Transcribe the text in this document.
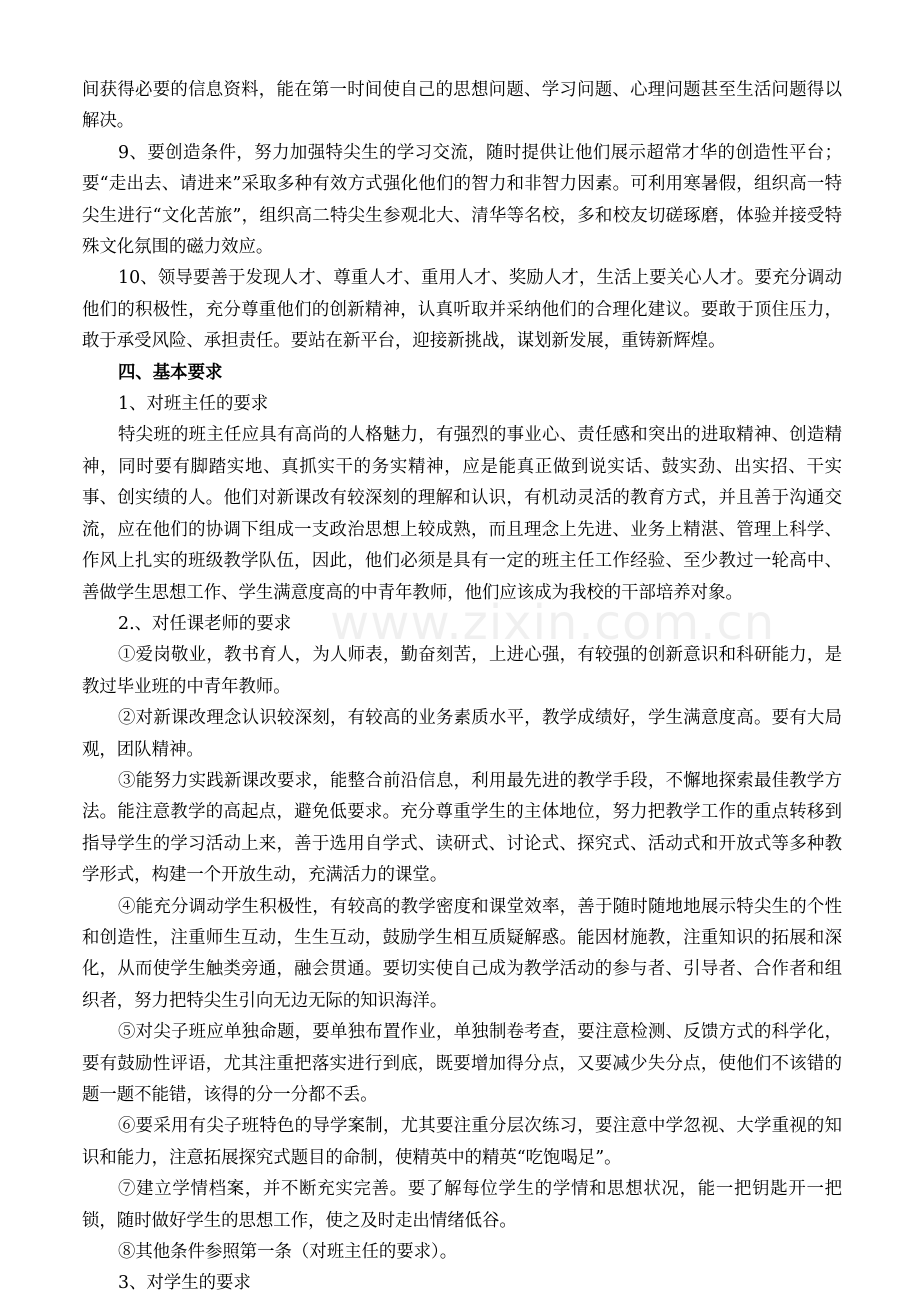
www.zixin.com.cn

间获得必要的信息资料，能在第一时间使自己的思想问题、学习问题、心理问题甚至生活问题得以解决。

9、要创造条件，努力加强特尖生的学习交流，随时提供让他们展示超常才华的创造性平台；要“走出去、请进来”采取多种有效方式强化他们的智力和非智力因素。可利用寒暑假，组织高一特尖生进行“文化苦旅”，组织高二特尖生参观北大、清华等名校，多和校友切磋琢磨，体验并接受特殊文化氛围的磁力效应。

10、领导要善于发现人才、尊重人才、重用人才、奖励人才，生活上要关心人才。要充分调动他们的积极性，充分尊重他们的创新精神，认真听取并采纳他们的合理化建议。要敢于顶住压力，敢于承受风险、承担责任。要站在新平台，迎接新挑战，谋划新发展，重铸新辉煌。

四、基本要求

1、对班主任的要求

特尖班的班主任应具有高尚的人格魅力，有强烈的事业心、责任感和突出的进取精神、创造精神，同时要有脚踏实地、真抓实干的务实精神，应是能真正做到说实话、鼓实劲、出实招、干实事、创实绩的人。他们对新课改有较深刻的理解和认识，有机动灵活的教育方式，并且善于沟通交流，应在他们的协调下组成一支政治思想上较成熟，而且理念上先进、业务上精湛、管理上科学、作风上扎实的班级教学队伍，因此，他们必须是具有一定的班主任工作经验、至少教过一轮高中、善做学生思想工作、学生满意度高的中青年教师，他们应该成为我校的干部培养对象。

2.、对任课老师的要求

①爱岗敬业，教书育人，为人师表，勤奋刻苦，上进心强，有较强的创新意识和科研能力，是教过毕业班的中青年教师。

②对新课改理念认识较深刻，有较高的业务素质水平，教学成绩好，学生满意度高。要有大局观，团队精神。

③能努力实践新课改要求，能整合前沿信息，利用最先进的教学手段，不懈地探索最佳教学方法。能注意教学的高起点，避免低要求。充分尊重学生的主体地位，努力把教学工作的重点转移到指导学生的学习活动上来，善于选用自学式、读研式、讨论式、探究式、活动式和开放式等多种教学形式，构建一个开放生动，充满活力的课堂。

④能充分调动学生积极性，有较高的教学密度和课堂效率，善于随时随地地展示特尖生的个性和创造性，注重师生互动，生生互动，鼓励学生相互质疑解惑。能因材施教，注重知识的拓展和深化，从而使学生触类旁通，融会贯通。要切实使自己成为教学活动的参与者、引导者、合作者和组织者，努力把特尖生引向无边无际的知识海洋。

⑤对尖子班应单独命题，要单独布置作业，单独制卷考查，要注意检测、反馈方式的科学化，要有鼓励性评语，尤其注重把落实进行到底，既要增加得分点，又要减少失分点，使他们不该错的题一题不能错，该得的分一分都不丢。

⑥要采用有尖子班特色的导学案制，尤其要注重分层次练习，要注意中学忽视、大学重视的知识和能力，注意拓展探究式题目的命制，使精英中的精英“吃饱喝足”。

⑦建立学情档案，并不断充实完善。要了解每位学生的学情和思想状况，能一把钥匙开一把锁，随时做好学生的思想工作，使之及时走出情绪低谷。

⑧其他条件参照第一条（对班主任的要求）。

3、对学生的要求
